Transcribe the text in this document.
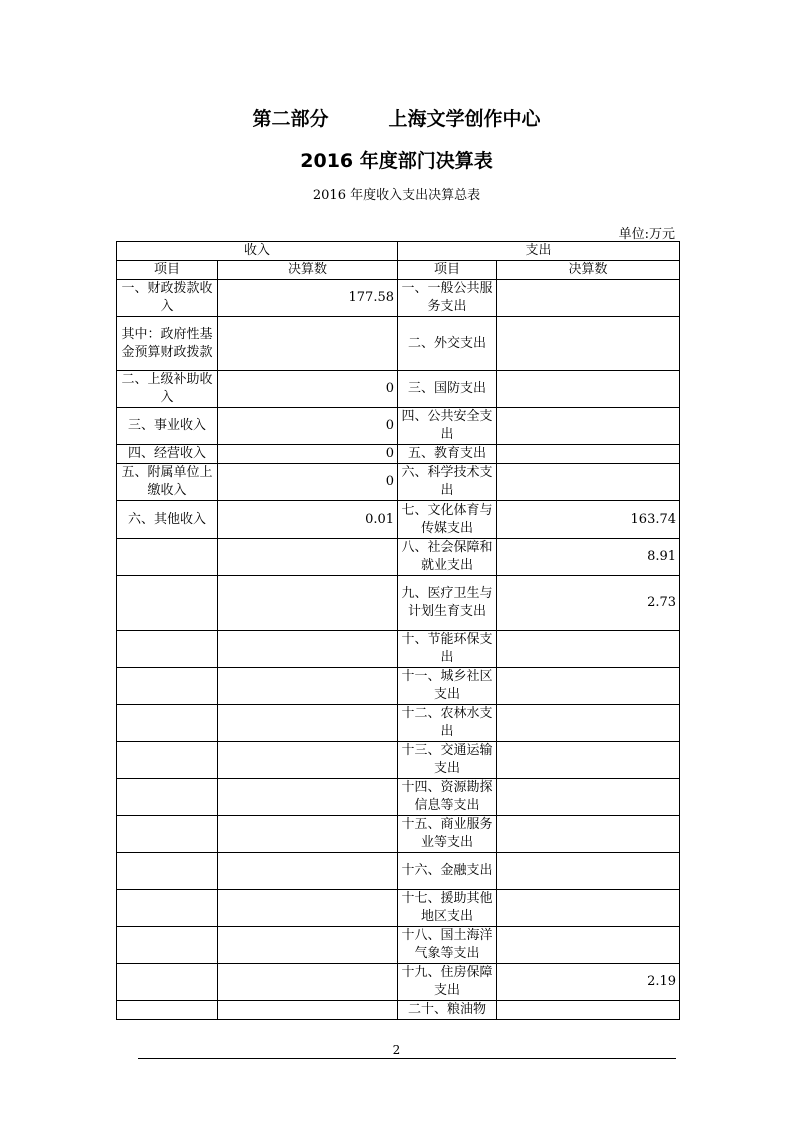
第二部分	上海文学创作中心
2016 年度部门决算表
2016 年度收入支出决算总表
单位:万元
收入		支出	
项目	决算数	项目	决算数
一、财政拨款收入	177.58	一、一般公共服务支出	
其中：政府性基金预算财政拨款		二、外交支出	
二、上级补助收入	0	三、国防支出	
三、事业收入	0	四、公共安全支出	
四、经营收入	0	五、教育支出	
五、附属单位上缴收入	0	六、科学技术支出	
六、其他收入	0.01	七、文化体育与传媒支出	163.74
		八、社会保障和就业支出	8.91
		九、医疗卫生与计划生育支出	2.73
		十、节能环保支出	
		十一、城乡社区支出	
		十二、农林水支出	
		十三、交通运输支出	
		十四、资源勘探信息等支出	
		十五、商业服务业等支出	
		十六、金融支出	
		十七、援助其他地区支出	
		十八、国土海洋气象等支出	
		十九、住房保障支出	2.19
		二十、粮油物	
2
